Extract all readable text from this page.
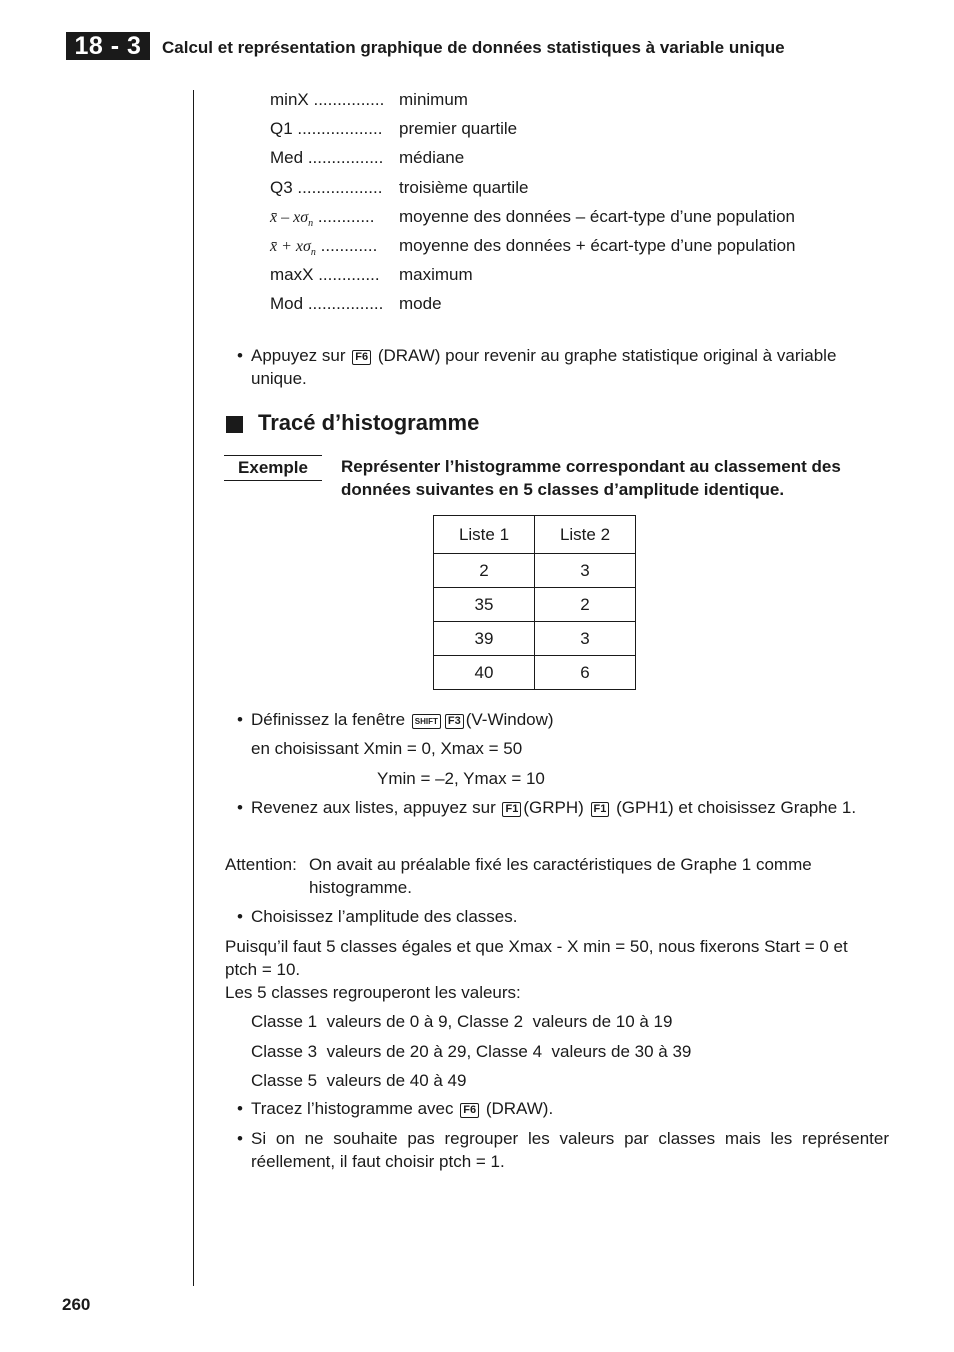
18 - 3	Calcul et représentation graphique de données statistiques à variable unique
minX ............... minimum
Q1 .................. premier quartile
Med ................ médiane
Q3 .................. troisième quartile
x̄ – $x\sigma_n$ ............ moyenne des données – écart-type d’une population
x̄ + $x\sigma_n$ ............ moyenne des données + écart-type d’une population
maxX ............. maximum
Mod ................ mode
• Appuyez sur F6 (DRAW) pour revenir au graphe statistique original à variable unique.
Tracé d’histogramme
Exemple	Représenter l’histogramme correspondant au classement des données suivantes en 5 classes d’amplitude identique.
Liste 1	Liste 2
2	3
35	2
39	3
40	6
• Définissez la fenêtre SHIFT F3 (V-Window)
en choisissant Xmin = 0, Xmax = 50
Ymin = –2, Ymax = 10
• Revenez aux listes, appuyez sur F1 (GRPH) F1 (GPH1) et choisissez Graphe 1.
Attention: On avait au préalable fixé les caractéristiques de Graphe 1 comme
histogramme.
• Choisissez l’amplitude des classes.
Puisqu’il faut 5 classes égales et que Xmax - X min = 50, nous fixerons Start = 0 et
ptch = 10.
Les 5 classes regrouperont les valeurs:
Classe 1  valeurs de 0 à 9, Classe 2  valeurs de 10 à 19
Classe 3  valeurs de 20 à 29, Classe 4  valeurs de 30 à 39
Classe 5  valeurs de 40 à 49
• Tracez l’histogramme avec F6 (DRAW).
• Si on ne souhaite pas regrouper les valeurs par classes mais les représenter réellement, il faut choisir ptch = 1.
260
